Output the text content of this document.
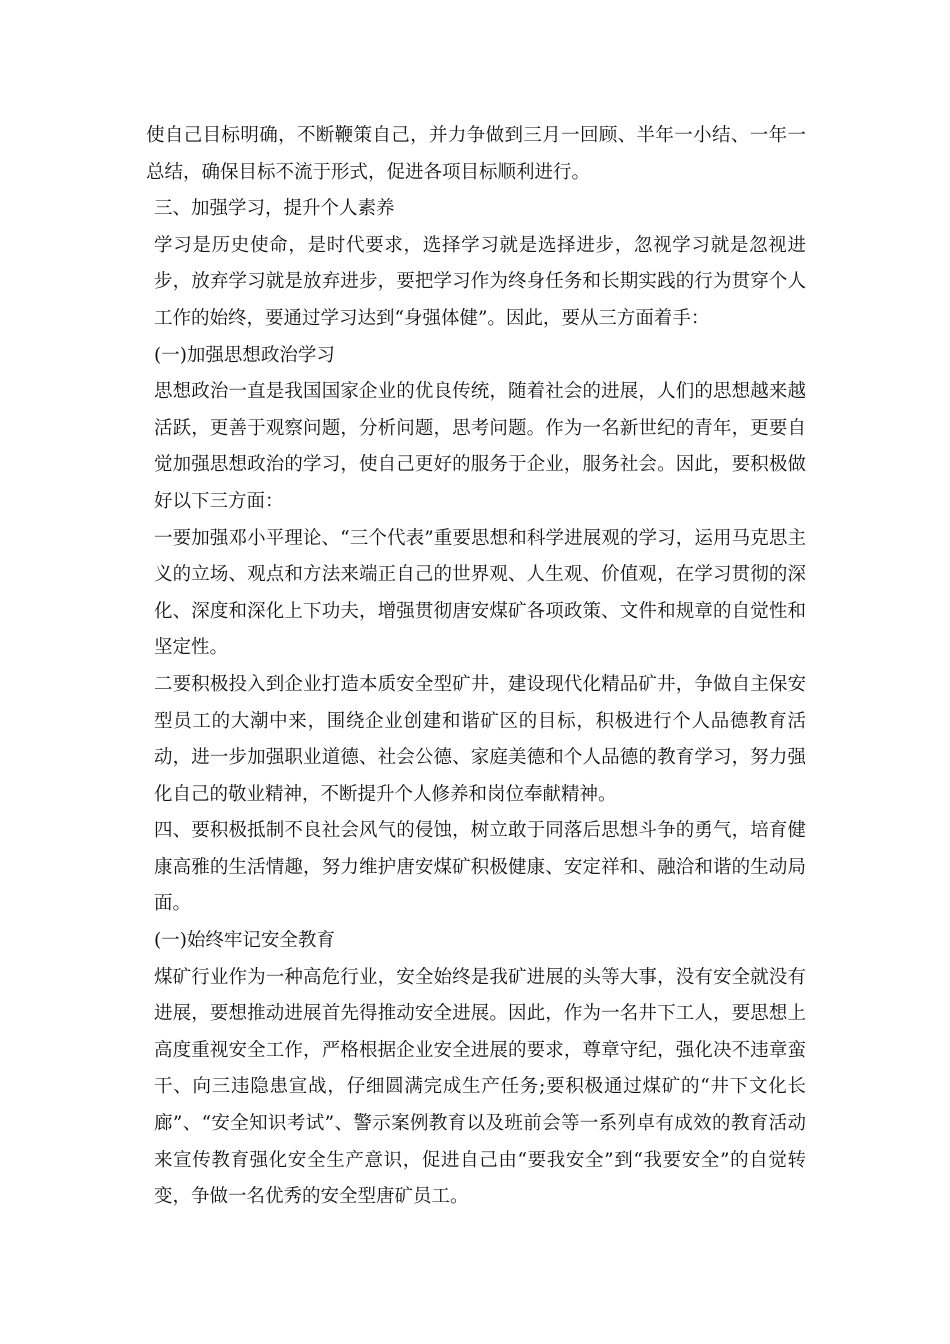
使自己目标明确，不断鞭策自己，并力争做到三月一回顾、半年一小结、一年一总结，确保目标不流于形式，促进各项目标顺利进行。

三、加强学习，提升个人素养

学习是历史使命，是时代要求，选择学习就是选择进步，忽视学习就是忽视进步，放弃学习就是放弃进步，要把学习作为终身任务和长期实践的行为贯穿个人工作的始终，要通过学习达到“身强体健”。因此，要从三方面着手：

(一)加强思想政治学习

思想政治一直是我国国家企业的优良传统，随着社会的进展，人们的思想越来越活跃，更善于观察问题，分析问题，思考问题。作为一名新世纪的青年，更要自觉加强思想政治的学习，使自己更好的服务于企业，服务社会。因此，要积极做好以下三方面：

一要加强邓小平理论、“三个代表”重要思想和科学进展观的学习，运用马克思主义的立场、观点和方法来端正自己的世界观、人生观、价值观，在学习贯彻的深化、深度和深化上下功夫，增强贯彻唐安煤矿各项政策、文件和规章的自觉性和坚定性。

二要积极投入到企业打造本质安全型矿井，建设现代化精品矿井，争做自主保安型员工的大潮中来，围绕企业创建和谐矿区的目标，积极进行个人品德教育活动，进一步加强职业道德、社会公德、家庭美德和个人品德的教育学习，努力强化自己的敬业精神，不断提升个人修养和岗位奉献精神。

四、要积极抵制不良社会风气的侵蚀，树立敢于同落后思想斗争的勇气，培育健康高雅的生活情趣，努力维护唐安煤矿积极健康、安定祥和、融洽和谐的生动局面。

(一)始终牢记安全教育

煤矿行业作为一种高危行业，安全始终是我矿进展的头等大事，没有安全就没有进展，要想推动进展首先得推动安全进展。因此，作为一名井下工人，要思想上高度重视安全工作，严格根据企业安全进展的要求，尊章守纪，强化决不违章蛮干、向三违隐患宣战，仔细圆满完成生产任务;要积极通过煤矿的“井下文化长廊”、“安全知识考试”、警示案例教育以及班前会等一系列卓有成效的教育活动来宣传教育强化安全生产意识，促进自己由“要我安全”到“我要安全”的自觉转变，争做一名优秀的安全型唐矿员工。
